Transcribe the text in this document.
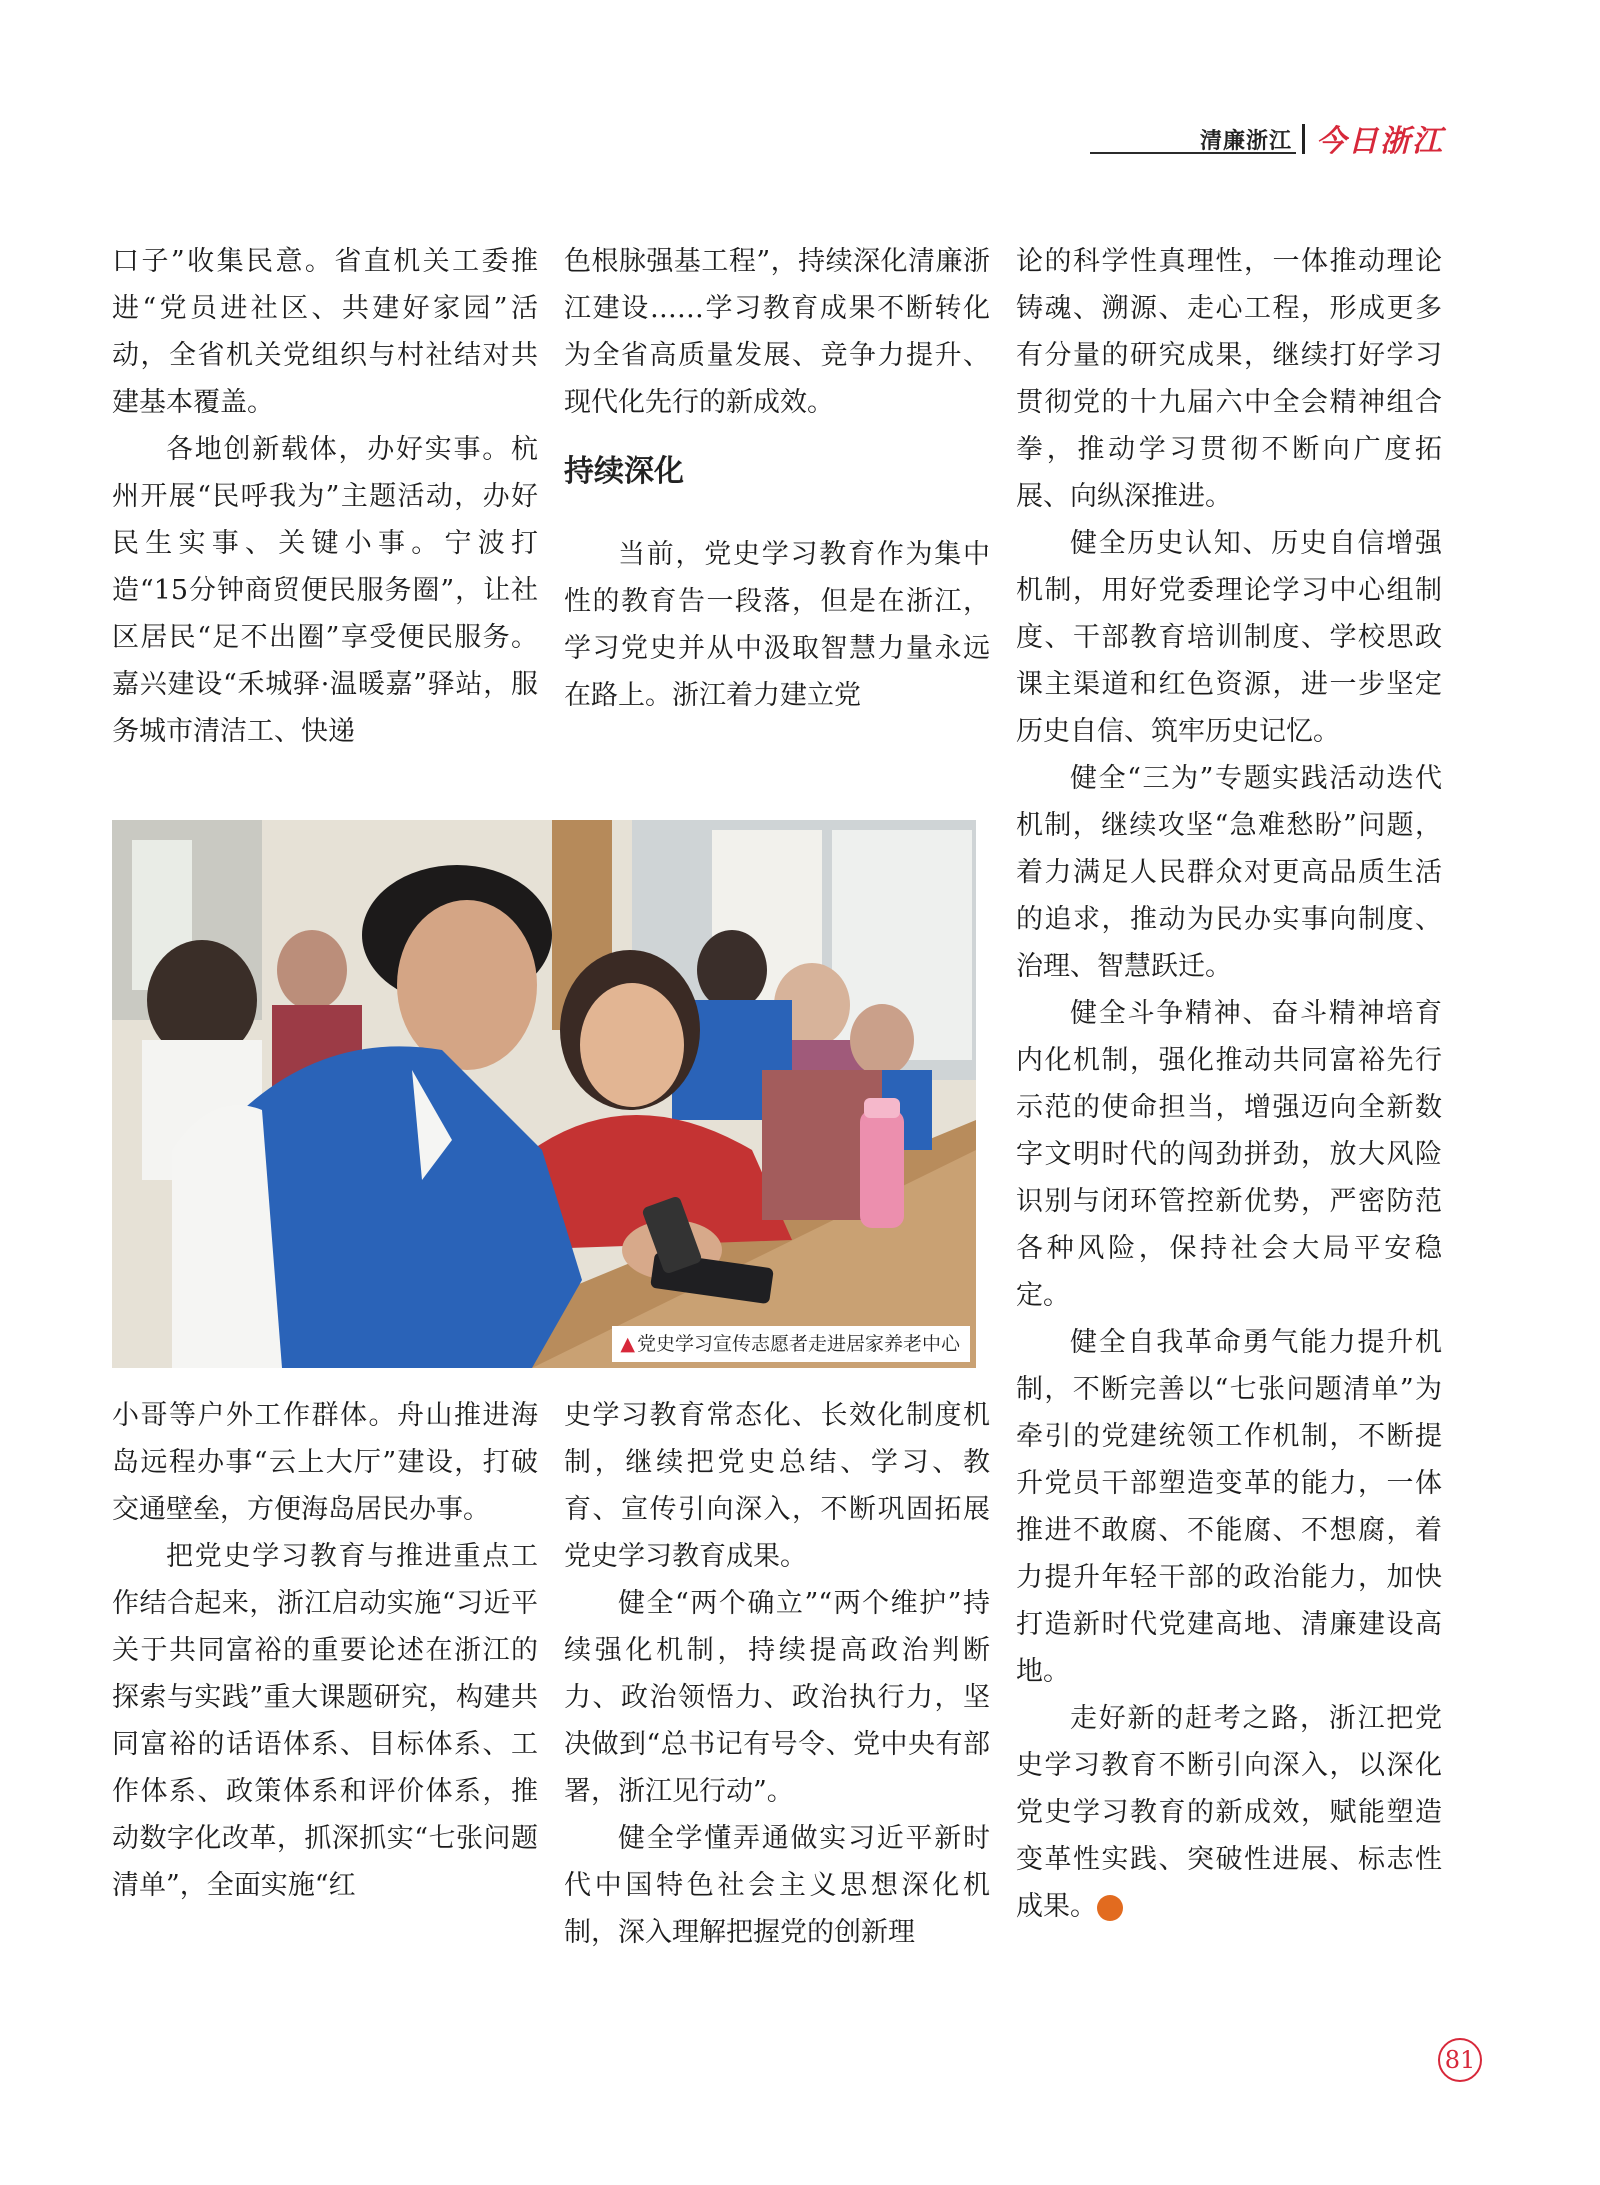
清廉浙江 今日浙江

口子”收集民意。省直机关工委推进“党员进社区、共建好家园”活动，全省机关党组织与村社结对共建基本覆盖。

各地创新载体，办好实事。杭州开展“民呼我为”主题活动，办好民生实事、关键小事。宁波打造“15分钟商贸便民服务圈”，让社区居民“足不出圈”享受便民服务。嘉兴建设“禾城驿·温暖嘉”驿站，服务城市清洁工、快递

色根脉强基工程”，持续深化清廉浙江建设……学习教育成果不断转化为全省高质量发展、竞争力提升、现代化先行的新成效。

持续深化

当前，党史学习教育作为集中性的教育告一段落，但是在浙江，学习党史并从中汲取智慧力量永远在路上。浙江着力建立党

论的科学性真理性，一体推动理论铸魂、溯源、走心工程，形成更多有分量的研究成果，继续打好学习贯彻党的十九届六中全会精神组合拳，推动学习贯彻不断向广度拓展、向纵深推进。

健全历史认知、历史自信增强机制，用好党委理论学习中心组制度、干部教育培训制度、学校思政课主渠道和红色资源，进一步坚定历史自信、筑牢历史记忆。

健全“三为”专题实践活动迭代机制，继续攻坚“急难愁盼”问题，着力满足人民群众对更高品质生活的追求，推动为民办实事向制度、治理、智慧跃迁。

健全斗争精神、奋斗精神培育内化机制，强化推动共同富裕先行示范的使命担当，增强迈向全新数字文明时代的闯劲拼劲，放大风险识别与闭环管控新优势，严密防范各种风险，保持社会大局平安稳定。

健全自我革命勇气能力提升机制，不断完善以“七张问题清单”为牵引的党建统领工作机制，不断提升党员干部塑造变革的能力，一体推进不敢腐、不能腐、不想腐，着力提升年轻干部的政治能力，加快打造新时代党建高地、清廉建设高地。

走好新的赶考之路，浙江把党史学习教育不断引向深入，以深化党史学习教育的新成效，赋能塑造变革性实践、突破性进展、标志性成果。	今

▲ 党史学习宣传志愿者走进居家养老中心

小哥等户外工作群体。舟山推进海岛远程办事“云上大厅”建设，打破交通壁垒，方便海岛居民办事。

把党史学习教育与推进重点工作结合起来，浙江启动实施“习近平关于共同富裕的重要论述在浙江的探索与实践”重大课题研究，构建共同富裕的话语体系、目标体系、工作体系、政策体系和评价体系，推动数字化改革，抓深抓实“七张问题清单”，全面实施“红

史学习教育常态化、长效化制度机制，继续把党史总结、学习、教育、宣传引向深入，不断巩固拓展党史学习教育成果。

健全“两个确立”“两个维护”持续强化机制，持续提高政治判断力、政治领悟力、政治执行力，坚决做到“总书记有号令、党中央有部署，浙江见行动”。

健全学懂弄通做实习近平新时代中国特色社会主义思想深化机制，深入理解把握党的创新理

81
